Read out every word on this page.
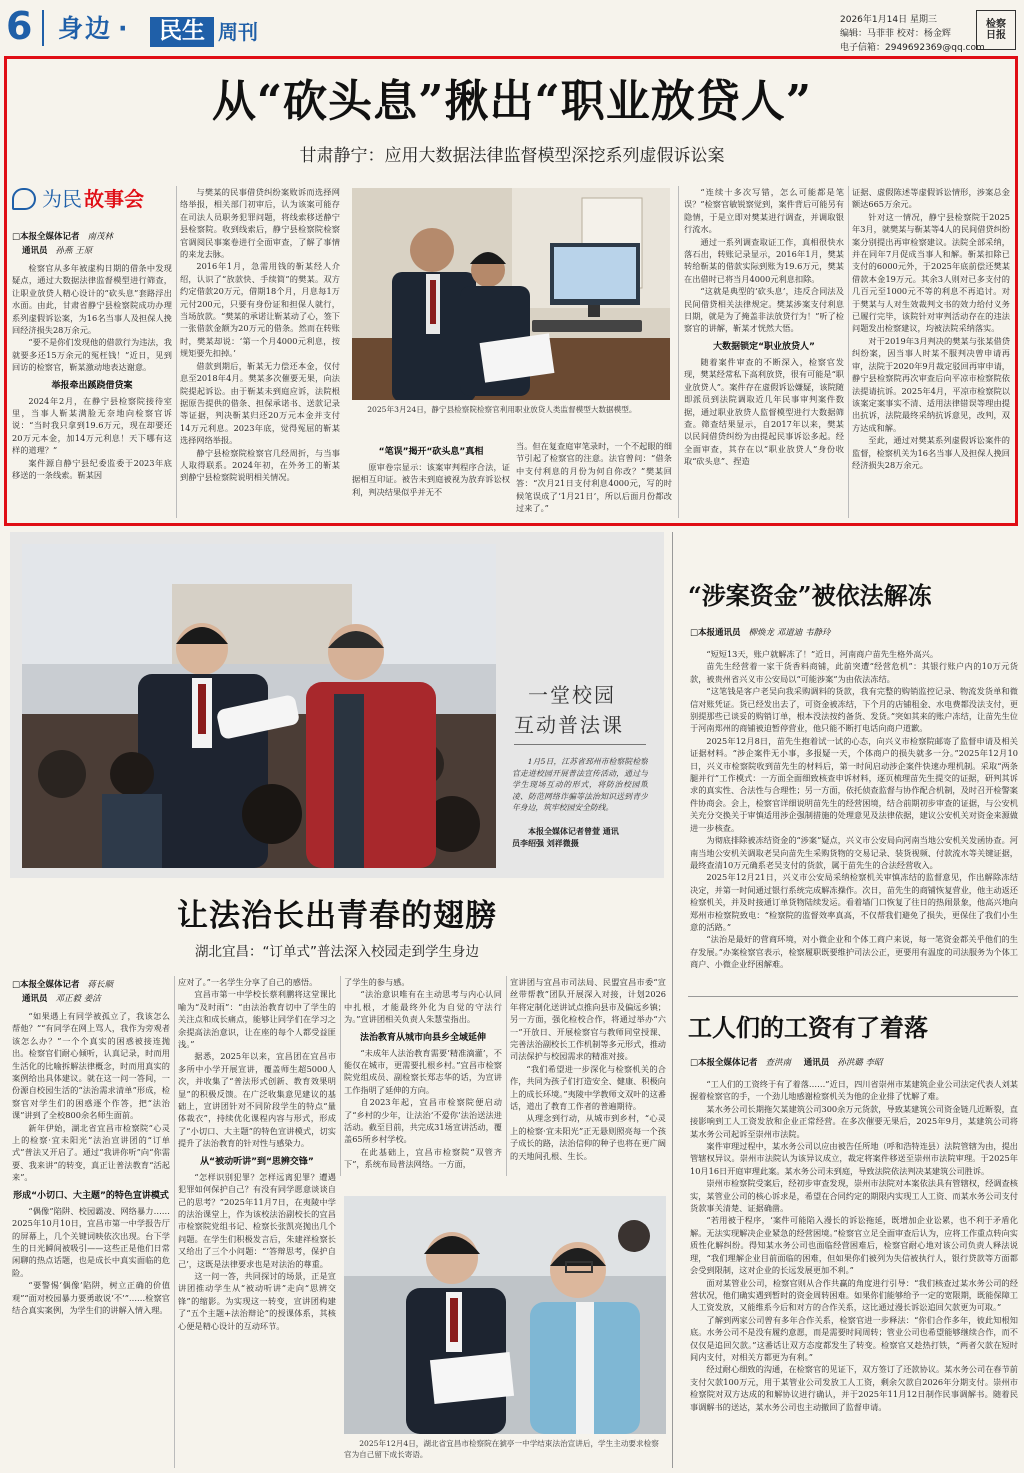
6 身边 ·	民生 周刊	2026年1月14日 星期三
编辑：马菲菲 校对：杨金辉
电子信箱：2949692369@qq.com
检察日报
从“砍头息”揪出“职业放贷人”
甘肃静宁：应用大数据法律监督模型深挖系列虚假诉讼案
为民 故事会
□本报全媒体记者 南茂林
通讯员 孙燕 王原

检察官从多年被虚构日期的借条中发现疑点，通过大数据法律监督模型进行筛查，让职业放贷人精心设计的“砍头息”套路浮出水面。由此，甘肃省静宁县检察院成功办理系列虚假诉讼案，为16名当事人及担保人挽回经济损失28万余元。

“要不是你们发现他的借款行为违法，我就要多还15万余元的冤枉钱！”近日，见到回访的检察官，靳某激动地表达谢意。

举报牵出蹊跷借贷案

2024年2月，在静宁县检察院接待室里，当事人靳某满脸无奈地向检察官诉说：“当时我只拿到19.6万元，现在却要还20万元本金，加14万元利息！天下哪有这样的道理？”

案件源自静宁县纪委监委于2023年底移送的一条线索。靳某因

与樊某的民事借贷纠纷案败诉而选择网络举报，相关部门初审后，认为该案可能存在司法人员职务犯罪问题，将线索移送静宁县检察院。收到线索后，静宁县检察院检察官调阅民事案卷进行全面审查，了解了事情的来龙去脉。

2016年1月，急需用钱的靳某经人介绍，认识了“放款快、手续简”的樊某。双方约定借款20万元，借期18个月，月息每1万元付200元，只要有身份证和担保人就行，当场放款。“樊某的承诺让靳某动了心，签下一张借款金额为20万元的借条。然而在转账时，樊某却说：‘第一个月4000元利息，按规矩要先扣掉。’

借款到期后，靳某无力偿还本金，仅付息至2018年4月。樊某多次催要无果，向法院提起诉讼。由于靳某未到庭应诉，法院根据原告提供的借条、担保承诺书、送款记录等证据，判决靳某归还20万元本金并支付14万元利息。2023年底，觉得冤屈的靳某选择网络举报。

静宁县检察院检察官几经周折，与当事人取得联系。2024年初，在外务工的靳某到静宁县检察院说明相关情况。

2025年3月24日，静宁县检察院检察官利用职业放贷人类监督模型大数据模型。
“笔误”揭开“砍头息”真相

原审卷宗显示：该案审判程序合法，证据相互印证。被告未到庭被视为放弃诉讼权利，判决结果似乎并无不

当。但在复查庭审笔录时，一个不起眼的细节引起了检察官的注意。法官曾问：“借条中支付利息的月份为何自你改？”樊某回答：“次月21日支付利息4000元，写的时候笔误成了‘1月21日’，所以后面月份都改过来了。”

“连续十多次写错，怎么可能都是笔误？”检察官敏锐察觉到，案件背后可能另有隐情，于是立即对樊某进行调查，并调取银行流水。

通过一系列调查取证工作，真相很快水落石出，转账记录显示，2016年1月，樊某转给靳某的借款实际到账为19.6万元，樊某在出借时已将当月4000元利息扣除。

“这就是典型的‘砍头息’，违反合同法及民间借贷相关法律规定。樊某涉案支付利息日期，就是为了掩盖非法放贷行为！”听了检察官的讲解，靳某才恍然大悟。

大数据锁定“职业放贷人”

随着案件审查的不断深入，检察官发现，樊某经常私下高利放贷，很有可能是“职业放贷人”。案件存在虚假诉讼嫌疑，该院随即派员到法院调取近几年民事审判案件数据，通过职业放贷人监督模型进行大数据筛查。筛查结果显示，自2017年以来，樊某以民间借贷纠纷为由提起民事诉讼多起。经全面审查，其存在以“职业放贷人”身份收取“砍头息”、捏造

证据、虚假陈述等虚假诉讼情形，涉案总金额达665万余元。

针对这一情况，静宁县检察院于2025年3月，就樊某与靳某等4人的民间借贷纠纷案分别提出再审检察建议。法院全部采纳，并在同年7月促成当事人和解。靳某扣除已支付的6000元外，于2025年底前偿还樊某借款本金19万元。其余3人则对已多支付的几百元至1000元不等的利息不再追讨。对于樊某与人对生效裁判文书的效力给付义务已履行完毕，该院针对审判活动存在的违法问题发出检察建议，均被法院采纳落实。

对于2019年3月判决的樊某与张某借贷纠纷案，因当事人时某不服判决曾申请再审，法院于2020年9月裁定驳回再审申请，静宁县检察院再次审查后向平凉市检察院依法提请抗诉。2025年4月，平凉市检察院以该案定案事实不清、适用法律错误等理由提出抗诉，法院最终采纳抗诉意见，改判，双方达成和解。

至此，通过对樊某系列虚假诉讼案件的监督，检察机关为16名当事人及担保人挽回经济损失28万余元。

一堂校园
互动普法课

1月5日，江苏省邳州市检察院检察官走进校园开展普法宣传活动，通过与学生现场互动的形式，将防治校园欺凌、防范网络诈骗等法治知识送到青少年身边，筑牢校园安全防线。

本报全媒体记者曾萱 通讯
员李绍强 刘祥微摄
让法治长出青春的翅膀
湖北宜昌：“订单式”普法深入校园走到学生身边
□本报全媒体记者 蒋长顺
通讯员 邓正毅 姜洁

“如果遇上有同学被孤立了，我该怎么帮他？”“有同学在网上骂人，我作为旁观者该怎么办？”一个个真实的困惑被接连抛出。检察官们耐心倾听，认真记录，时而用生活化的比喻拆解法律概念，时而用真实的案例给出具体建议。就在这一问一答间，一份源自校园生活的“法治需求清单”形成，检察官对学生们的困惑逐个作答，把“法治课”讲到了全校800余名师生面前。

新年伊始，湖北省宜昌市检察院“心灵上的检察·宜未阳光”法治宣讲团的“订单式”普法又开启了。通过“我讲你听”向“你需要、我来讲”的转变，真正让普法教育“活起来”。

形成“小切口、大主题”的特色宣讲模式

“偶像”陷阱、校园霸凌、网络暴力……2025年10月10日，宜昌市第一中学报告厅的屏幕上，几个关键词映依次出现。台下学生的日光瞬间被吸引——这些正是他们日常闲聊的热点话题，也是成长中真实面临的危险。

“要警惕‘偶像’陷阱，树立正确的价值观”“面对校园暴力要勇敢说‘不’”……检察官结合真实案例，为学生们的讲解入情入理。

应对了。”一名学生分享了自己的感悟。

宜昌市第一中学校长蔡利鹏将这堂课比喻为“及时雨”：“由法治教育切中了学生的关注点和成长痛点，能够让同学们在学习之余提高法治意识，让在座的每个人都受益匪浅。”

据悉，2025年以来，宜昌团在宜昌市多所中小学开展宣讲，覆盖师生超5000人次，并收集了“普法形式创新、教育效果明显”的积极反馈。在广泛收集意见建议的基础上，宣讲团针对不同阶段学生的特点“量体裁衣”，持续优化课程内容与形式，形成了“小切口、大主题”的特色宣讲模式，切实提升了法治教育的针对性与感染力。

从“被动听讲”到“思辨交锋”

“怎样识别犯罪？怎样远离犯罪？遭遇犯罪如何保护自己？有没有同学愿意谈谈自己的思考？”2025年11月7日，在夷陵中学的法治课堂上，作为该校法治副校长的宜昌市检察院党组书记、检察长张凯亮抛出几个问题。在学生们积极发言后，朱建祥检察长又给出了三个小问题：“‘答辩思考，保护自己’，这既是法律要求也是对法治的尊重。

这一问一答，共同探讨的场景，正是宣讲团推动学生从“被动听讲”走向“思辨交锋”的缩影。为实现这一转变，宣讲团构建了“五个主题+法治辩论”的授课体系，其核心便是精心设计的互动环节。

了学生的参与感。

“法治意识唯有在主动思考与内心认同中扎根，才能最终外化为自觉的守法行为。”宣讲团相关负责人朱慧莹指出。

法治教育从城市向县乡全域延伸

“未成年人法治教育需要‘精准滴灌’，不能仅在城市，更需要扎根乡村。”宜昌市检察院党组成员、副检察长郑志华的话，为宣讲工作指明了延伸的方向。

自2023年起，宜昌市检察院便启动了“乡村的少年，让法治‘不爱你’法治送法进活动。截至目前，共完成31场宣讲活动，覆盖65所乡村学校。

在此基础上，宜昌市检察院“双管齐下”，系统布局普法网络。一方面，

宣讲团与宜昌市司法局、民盟宜昌市委“宣丝带帮教”团队开展深入对接，计划2026年将定制化送讲试点推向县市及偏远乡镇；另一方面，强化检校合作，将通过举办“六一”开放日、开展检察官与教师同堂授课、完善法治副校长工作机制等多元形式，推动司法保护与校园需求的精准对接。

“我们希望进一步深化与检察机关的合作，共同为孩子们打造安全、健康、积极向上的成长环境。”夷陵中学教师文双叶的这番话，道出了教育工作者的普遍期待。

从理念到行动，从城市到乡村，“心灵上的检察·宜未阳光”正无悬则照亮每一个孩子成长的路，法治信仰的种子也将在更广阔的天地间孔根、生长。

2025年12月4日，湖北省宜昌市检察院在猇亭一中学结束法治宣讲后，学生主动要求检察官为自己留下成长寄语。
“涉案资金”被依法解冻
□本报通讯员 柳焕龙 邓道迪 韦静玲

“短短13天，账户就解冻了！”近日，河南商户苗先生格外高兴。

苗先生经营着一家干货香料商铺，此前突遭“经营危机”：其银行账户内的10万元货款，被贵州省兴义市公安局以“可能涉案”为由依法冻结。

“这笔钱是客户老吴向我采购调料的货款，我有完整的购销监控记录、物流发货单和微信对账凭证。货已经发出去了，可资金被冻结，下个月的店铺租金、水电费都没法支付，更别提那些已谈妥的购销订单，根本没法按约备货、发货。”突如其来的账户冻结，让苗先生位于河南郑州的商铺被迫暂停营业，他只能不断打电话向商户道歉。

2025年12月8日，苗先生抱着试一试的心态，向兴义市检察院邮寄了监督申请及相关证据材料。“涉企案件无小事，多报疑一天，个体商户的损失就多一分。”2025年12月10日，兴义市检察院收到苗先生的材料后，第一时间启动涉企案件快速办理机制。采取“两条腿并行”工作模式：一方面全面细致核查申诉材料，逐页梳理苗先生提交的证据，研判其诉求的真实性、合法性与合理性；另一方面，依托侦查监督与协作配合机制，及时召开检警案件协商会。会上，检察官详细说明苗先生的经营困境，结合前期初步审查的证据，与公安机关充分交换关于审慎适用涉企强制措施的处理意见及法律依据，建议公安机关对资金来源做进一步核查。

为彻底排除被冻结资金的“涉案”疑点，兴义市公安局向河南当地公安机关发函协查。河南当地公安机关调取老吴向苗先生采购货物的交易记录、装货视频、付款流水等关键证据，最终查清10万元确系老吴支付的货款，属于苗先生的合法经营收入。

2025年12月21日，兴义市公安局采纳检察机关审慎冻结的监督意见，作出解除冻结决定，并第一时间通过银行系统完成解冻操作。次日，苗先生的商铺恢复营业，他主动返还检察机关，并及时接通订单货物陆续发运。看着墙门口恢复了往日的热闹景象，他高兴地向郑州市检察院致电：“检察院的监督效率真高，不仅帮我们避免了损失，更保住了我们小生意的活路。”

“法治是最好的营商环境，对小微企业和个体工商户来说，每一笔资金都关乎他们的生存发展。”办案检察官表示，检察履职既要维护司法公正，更要用有温度的司法服务为个体工商户、小微企业纾困解难。

工人们的工资有了着落
□本报全媒体记者 查洪南 通讯员 孙洪璐 李昭

“工人们的工资终于有了着落……”近日，四川省崇州市某建筑企业公司法定代表人刘某握着检察官的手，一个劲儿地感谢检察机关为他的企业排了忧解了难。

某水务公司长期拖欠某建筑公司300余万元货款，导致某建筑公司资金链几近断裂，直接影响到工人工资发放和企业正常经营。在多次催要无果后，2025年9月，某建筑公司将某水务公司起诉至崇州市法院。

案件审理过程中，某水务公司以应由被告任所地（呼和浩特连县）法院管辖为由，提出管辖权异议。崇州市法院认为该异议成立，裁定将案件移送至崇州市法院审理。于2025年10月16日开庭审理此案。某水务公司未到庭，导致法院依法判决某建筑公司胜诉。

崇州市检察院受案后，经初步审查发现，崇州市法院对本案依法具有管辖权，经调查核实，某管业公司的核心诉求是，希望在合同约定的期限内实现工人工资、而某水务公司支付货款事关清楚、证据确凿。

“若用被于程序，‘案件可能陷入漫长的诉讼拖延，既增加企业讼累，也不利于矛盾化解。无法实现解决企业紧急的经营困境。”检察官立足全面审查后认为，应将工作重点转向实质性化解纠纷。得知某水务公司也面临经营困难后，检察官耐心地对该公司负责人释法说理，“我们理解企业目前面临的困难，但如果你们被列为失信被执行人，银行贷款等方面都会受到限制，这对企业的长远发展更加不利。”

面对某管业公司，检察官则从合作共赢的角度进行引导：“我们核查过某水务公司的经营状况，他们确实遇到暂时的资金周转困难。如果你们能够给予一定的宽限期，既能保障工人工资发放，又能维系今后和对方的合作关系，这比通过漫长诉讼追回欠款更为可取。”

了解到两家公司曾有多年合作关系，检察官进一步释法：“你们合作多年，彼此知根知底。水务公司不是没有履约意愿，而是需要时间周转；管业公司也希望能够继续合作，而不仅仅是追回欠款。”这番话让双方态度都发生了转变。检察官又趁热打铁，“两者欠款在短时间内支付，对相关方都更为有利。”

经过耐心细致的沟通，在检察官的见证下，双方签订了还款协议。某水务公司在春节前支付欠款100万元，用于某管业公司发放工人工资，剩余欠款自2026年分期支付。崇州市检察院对双方达成的和解协议进行确认，并于2025年11月12日制作民事调解书。随着民事调解书的送达，某水务公司也主动撤回了监督申请。
